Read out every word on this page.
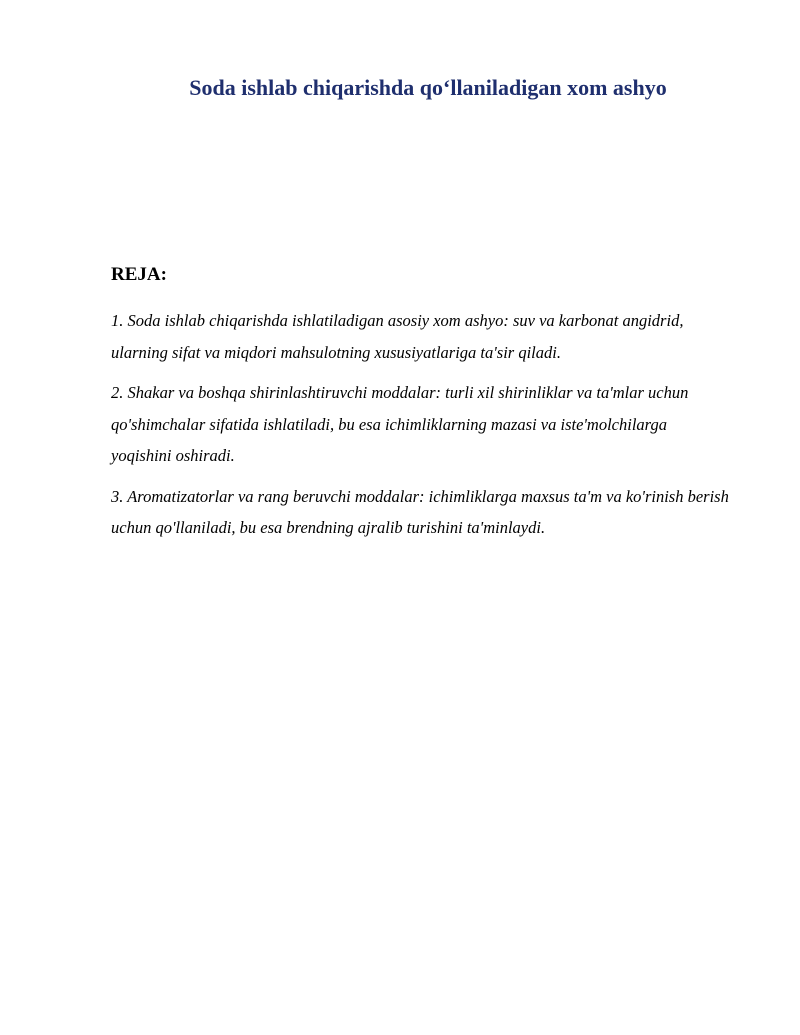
Soda ishlab chiqarishda qo‘llaniladigan xom ashyo
REJA:
1. Soda ishlab chiqarishda ishlatiladigan asosiy xom ashyo: suv va karbonat angidrid, ularning sifat va miqdori mahsulotning xususiyatlariga ta'sir qiladi.
2. Shakar va boshqa shirinlashtiruvchi moddalar: turli xil shirinliklar va ta'mlar uchun qo'shimchalar sifatida ishlatiladi, bu esa ichimliklarning mazasi va iste'molchilarga yoqishini oshiradi.
3. Aromatizatorlar va rang beruvchi moddalar: ichimliklarga maxsus ta'm va ko'rinish berish uchun qo'llaniladi, bu esa brendning ajralib turishini ta'minlaydi.
